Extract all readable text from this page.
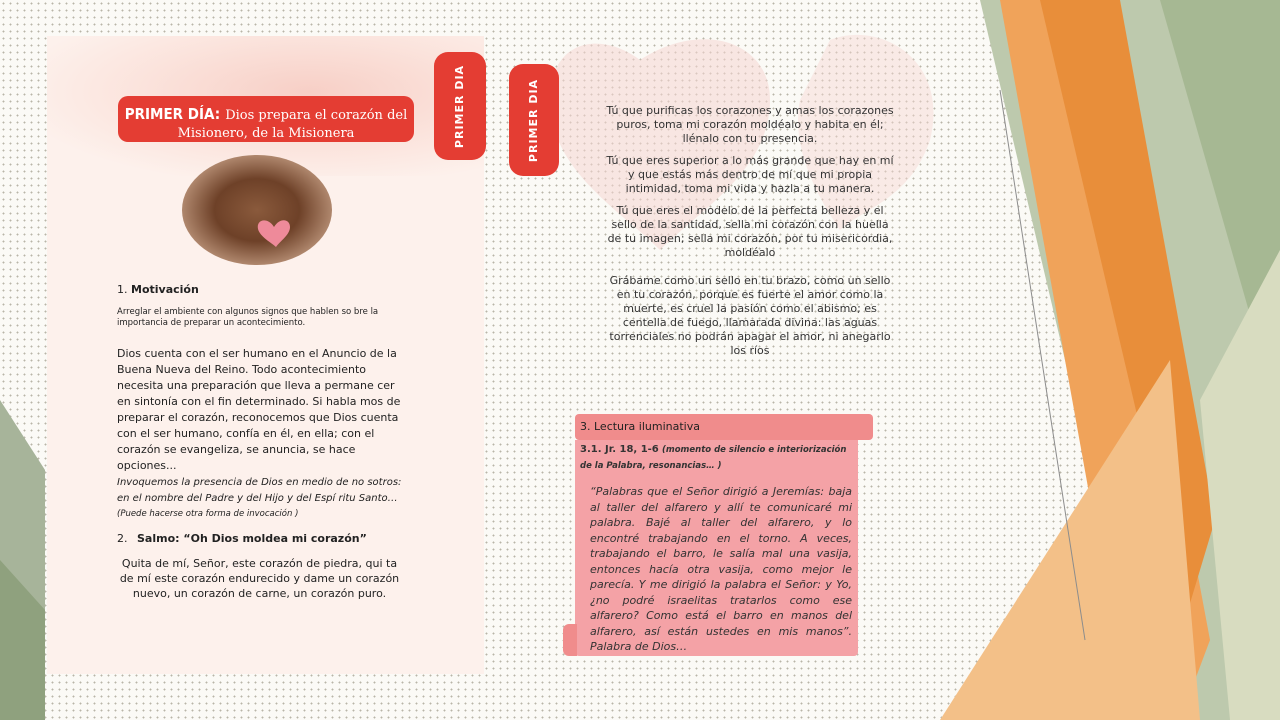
PRIMER DÍA: Dios prepara el corazón del Misionero, de la Misionera	PRIMER DIA
1. Motivación
Arreglar el ambiente con algunos signos que hablen so bre la importancia de preparar un acontecimiento.
Dios cuenta con el ser humano en el Anuncio de la Buena Nueva del Reino. Todo acontecimiento necesita una preparación que lleva a permane cer en sintonía con el fin determinado. Si habla mos de preparar el corazón, reconocemos que Dios cuenta con el ser humano, confía en él, en ella; con el corazón se evangeliza, se anuncia, se hace opciones...
Invoquemos la presencia de Dios en medio de no sotros: en el nombre del Padre y del Hijo y del Espí ritu Santo… (Puede hacerse otra forma de invocación )
2. Salmo: “Oh Dios moldea mi corazón”
Quita de mí, Señor, este corazón de piedra, qui ta de mí este corazón endurecido y dame un corazón nuevo, un corazón de carne, un corazón puro.
PRIMER DIA	Tú que purificas los corazones y amas los corazones puros, toma mi corazón moldéalo y habita en él; llénalo con tu presencia.
Tú que eres superior a lo más grande que hay en mí y que estás más dentro de mí que mi propia intimidad, toma mi vida y hazla a tu manera.
Tú que eres el modelo de la perfecta belleza y el sello de la santidad, sella mi corazón con la huella de tu imagen; sella mi corazón, por tu misericordia, moldéalo
Grábame como un sello en tu brazo, como un sello en tu corazón, porque es fuerte el amor como la muerte, es cruel la pasión como el abismo; es centella de fuego, llamarada divina: las aguas torrenciales no podrán apagar el amor, ni anegarlo los ríos
3. Lectura iluminativa
3.1. Jr. 18, 1-6 (momento de silencio e interiorización de la Palabra, resonancias… )
“Palabras que el Señor dirigió a Jeremías: baja al taller del alfarero y allí te comunicaré mi palabra. Bajé al taller del alfarero, y lo encontré trabajando en el torno. A veces, trabajando el barro, le salía mal una vasija, entonces hacía otra vasija, como mejor le parecía. Y me dirigió la palabra el Señor: y Yo, ¿no podré israelitas tratarlos como ese alfarero? Como está el barro en manos del alfarero, así están ustedes en mis manos”. Palabra de Dios…
